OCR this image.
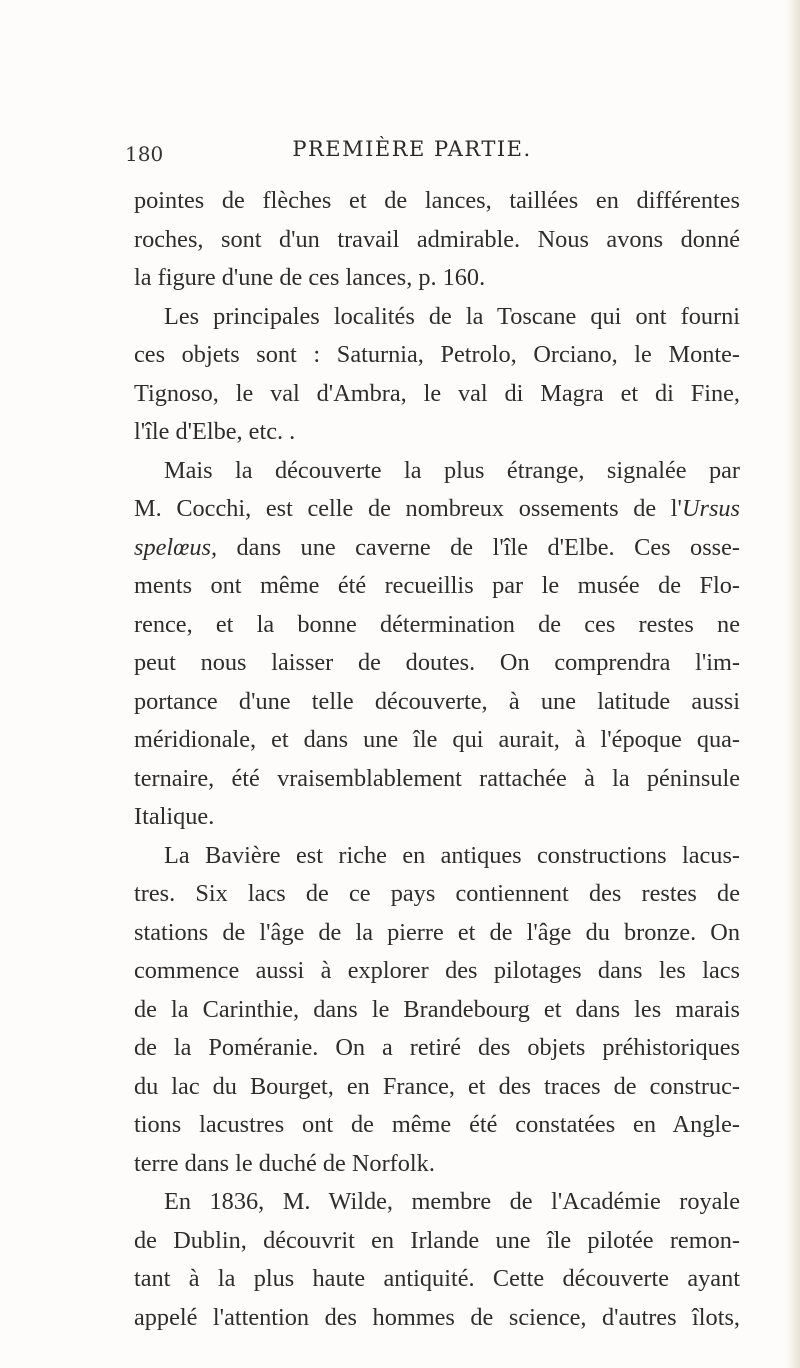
180	PREMIÈRE PARTIE.
pointes de flèches et de lances, taillées en différentes
roches, sont d'un travail admirable. Nous avons donné
la figure d'une de ces lances, p. 160.
Les principales localités de la Toscane qui ont fourni
ces objets sont : Saturnia, Petrolo, Orciano, le Monte-
Tignoso, le val d'Ambra, le val di Magra et di Fine,
l'île d'Elbe, etc. .
Mais la découverte la plus étrange, signalée par
M. Cocchi, est celle de nombreux ossements de l'Ursus
spelœus, dans une caverne de l'île d'Elbe. Ces osse-
ments ont même été recueillis par le musée de Flo-
rence, et la bonne détermination de ces restes ne
peut nous laisser de doutes. On comprendra l'im-
portance d'une telle découverte, à une latitude aussi
méridionale, et dans une île qui aurait, à l'époque qua-
ternaire, été vraisemblablement rattachée à la péninsule
Italique.
La Bavière est riche en antiques constructions lacus-
tres. Six lacs de ce pays contiennent des restes de
stations de l'âge de la pierre et de l'âge du bronze. On
commence aussi à explorer des pilotages dans les lacs
de la Carinthie, dans le Brandebourg et dans les marais
de la Poméranie. On a retiré des objets préhistoriques
du lac du Bourget, en France, et des traces de construc-
tions lacustres ont de même été constatées en Angle-
terre dans le duché de Norfolk.
En 1836, M. Wilde, membre de l'Académie royale
de Dublin, découvrit en Irlande une île pilotée remon-
tant à la plus haute antiquité. Cette découverte ayant
appelé l'attention des hommes de science, d'autres îlots,
